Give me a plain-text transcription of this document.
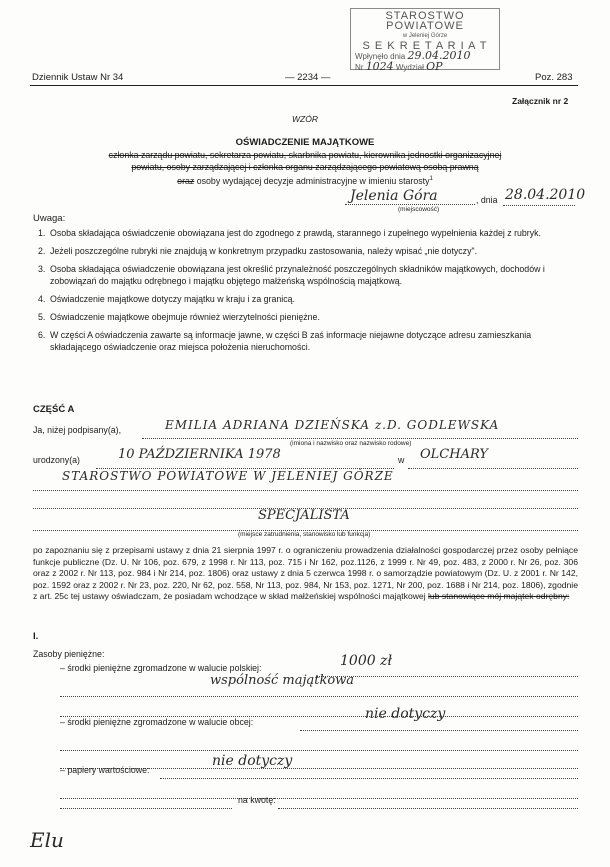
STAROSTWO POWIATOWE
w Jeleniej Górze
S E K R E T A R I A T
Wpłynęło dnia 29.04.2010
Nr 1024 Wydział OP
Dziennik Ustaw Nr 34	— 2234 —	Poz. 283
Załącznik nr 2
WZÓR
OŚWIADCZENIE MAJĄTKOWE
członka zarządu powiatu, sekretarza powiatu, skarbnika powiatu, kierownika jednostki organizacyjnej
powiatu, osoby zarządzającej i członka organu zarządzającego powiatową osobą prawną
oraz osoby wydającej decyzje administracyjne w imieniu starosty$^1$
Jelenia Góra	, dnia 28.04.2010
(miejscowość)
Uwaga:
1. Osoba składająca oświadczenie obowiązana jest do zgodnego z prawdą, starannego i zupełnego wypełnienia każdej z rubryk.
2. Jeżeli poszczególne rubryki nie znajdują w konkretnym przypadku zastosowania, należy wpisać „nie dotyczy".
3. Osoba składająca oświadczenie obowiązana jest określić przynależność poszczególnych składników majątkowych, dochodów i zobowiązań do majątku odrębnego i majątku objętego małżeńską wspólnością majątkową.
4. Oświadczenie majątkowe dotyczy majątku w kraju i za granicą.
5. Oświadczenie majątkowe obejmuje również wierzytelności pieniężne.
6. W części A oświadczenia zawarte są informacje jawne, w części B zaś informacje niejawne dotyczące adresu zamieszkania składającego oświadczenie oraz miejsca położenia nieruchomości.
CZĘŚĆ A
Ja, niżej podpisany(a),	EMILIA ADRIANA DZIEŃSKA z.D. GODLEWSKA
(imiona i nazwisko oraz nazwisko rodowe)
urodzony(a)	10 PAŹDZIERNIKA 1978	w OLCHARY
STAROSTWO POWIATOWE W JELENIEJ GÓRZE
SPECJALISTA
(miejsce zatrudnienia, stanowisko lub funkcja)
po zapoznaniu się z przepisami ustawy z dnia 21 sierpnia 1997 r. o ograniczeniu prowadzenia działalności gospodarczej przez osoby pełniące funkcje publiczne (Dz. U. Nr 106, poz. 679, z 1998 r. Nr 113, poz. 715 i Nr 162, poz.1126, z 1999 r. Nr 49, poz. 483, z 2000 r. Nr 26, poz. 306 oraz z 2002 r. Nr 113, poz. 984 i Nr 214, poz. 1806) oraz ustawy z dnia 5 czerwca 1998 r. o samorządzie powiatowym (Dz. U. z 2001 r. Nr 142, poz. 1592 oraz z 2002 r. Nr 23, poz. 220, Nr 62, poz. 558, Nr 113, poz. 984, Nr 153, poz. 1271, Nr 200, poz. 1688 i Nr 214, poz. 1806), zgodnie z art. 25c tej ustawy oświadczam, że posiadam wchodzące w skład małżeńskiej wspólności majątkowej lub stanowiące mój majątek odrębny:
I.
Zasoby pieniężne:
– środki pieniężne zgromadzone w walucie polskiej:	1000 zł
wspólność majątkowa
– środki pieniężne zgromadzone w walucie obcej:	nie dotyczy
– papiery wartościowe:
nie dotyczy
na kwotę:
Elu
